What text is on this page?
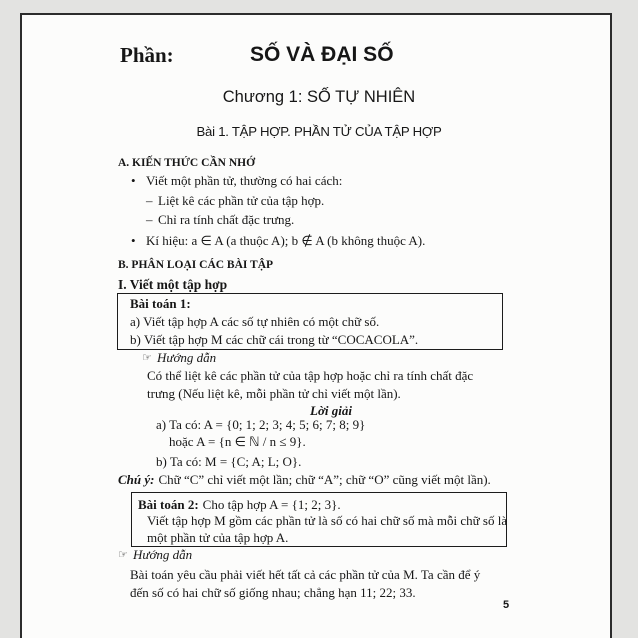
Phần:	SỐ VÀ ĐẠI SỐ
Chương 1: SỐ TỰ NHIÊN
Bài 1. TẬP HỢP. PHẦN TỬ CỦA TẬP HỢP
A. KIẾN THỨC CẦN NHỚ
• Viết một phần tử, thường có hai cách:
– Liệt kê các phần tử của tập hợp.
– Chỉ ra tính chất đặc trưng.
• Kí hiệu: a ∈ A (a thuộc A); b ∉ A (b không thuộc A).
B. PHÂN LOẠI CÁC BÀI TẬP
I. Viết một tập hợp
Bài toán 1:
a) Viết tập hợp A các số tự nhiên có một chữ số.
b) Viết tập hợp M các chữ cái trong từ “COCACOLA”.
☞
Hướng dẫn
Có thể liệt kê các phần tử của tập hợp hoặc chỉ ra tính chất đặc
trưng (Nếu liệt kê, mỗi phần tử chỉ viết một lần).
Lời giải
a) Ta có: A = {0; 1; 2; 3; 4; 5; 6; 7; 8; 9}
hoặc A = {n ∈ ℕ / n ≤ 9}.
b) Ta có: M = {C; A; L; O}.
Chú ý: Chữ “C” chỉ viết một lần; chữ “A”; chữ “O” cũng viết một lần).
Bài toán 2: Cho tập hợp A = {1; 2; 3}.
Viết tập hợp M gồm các phần tử là số có hai chữ số mà mỗi chữ số là
một phần tử của tập hợp A.
☞
Hướng dẫn
Bài toán yêu cầu phải viết hết tất cả các phần tử của M. Ta cần để ý
đến số có hai chữ số giống nhau; chẳng hạn 11; 22; 33.
5
